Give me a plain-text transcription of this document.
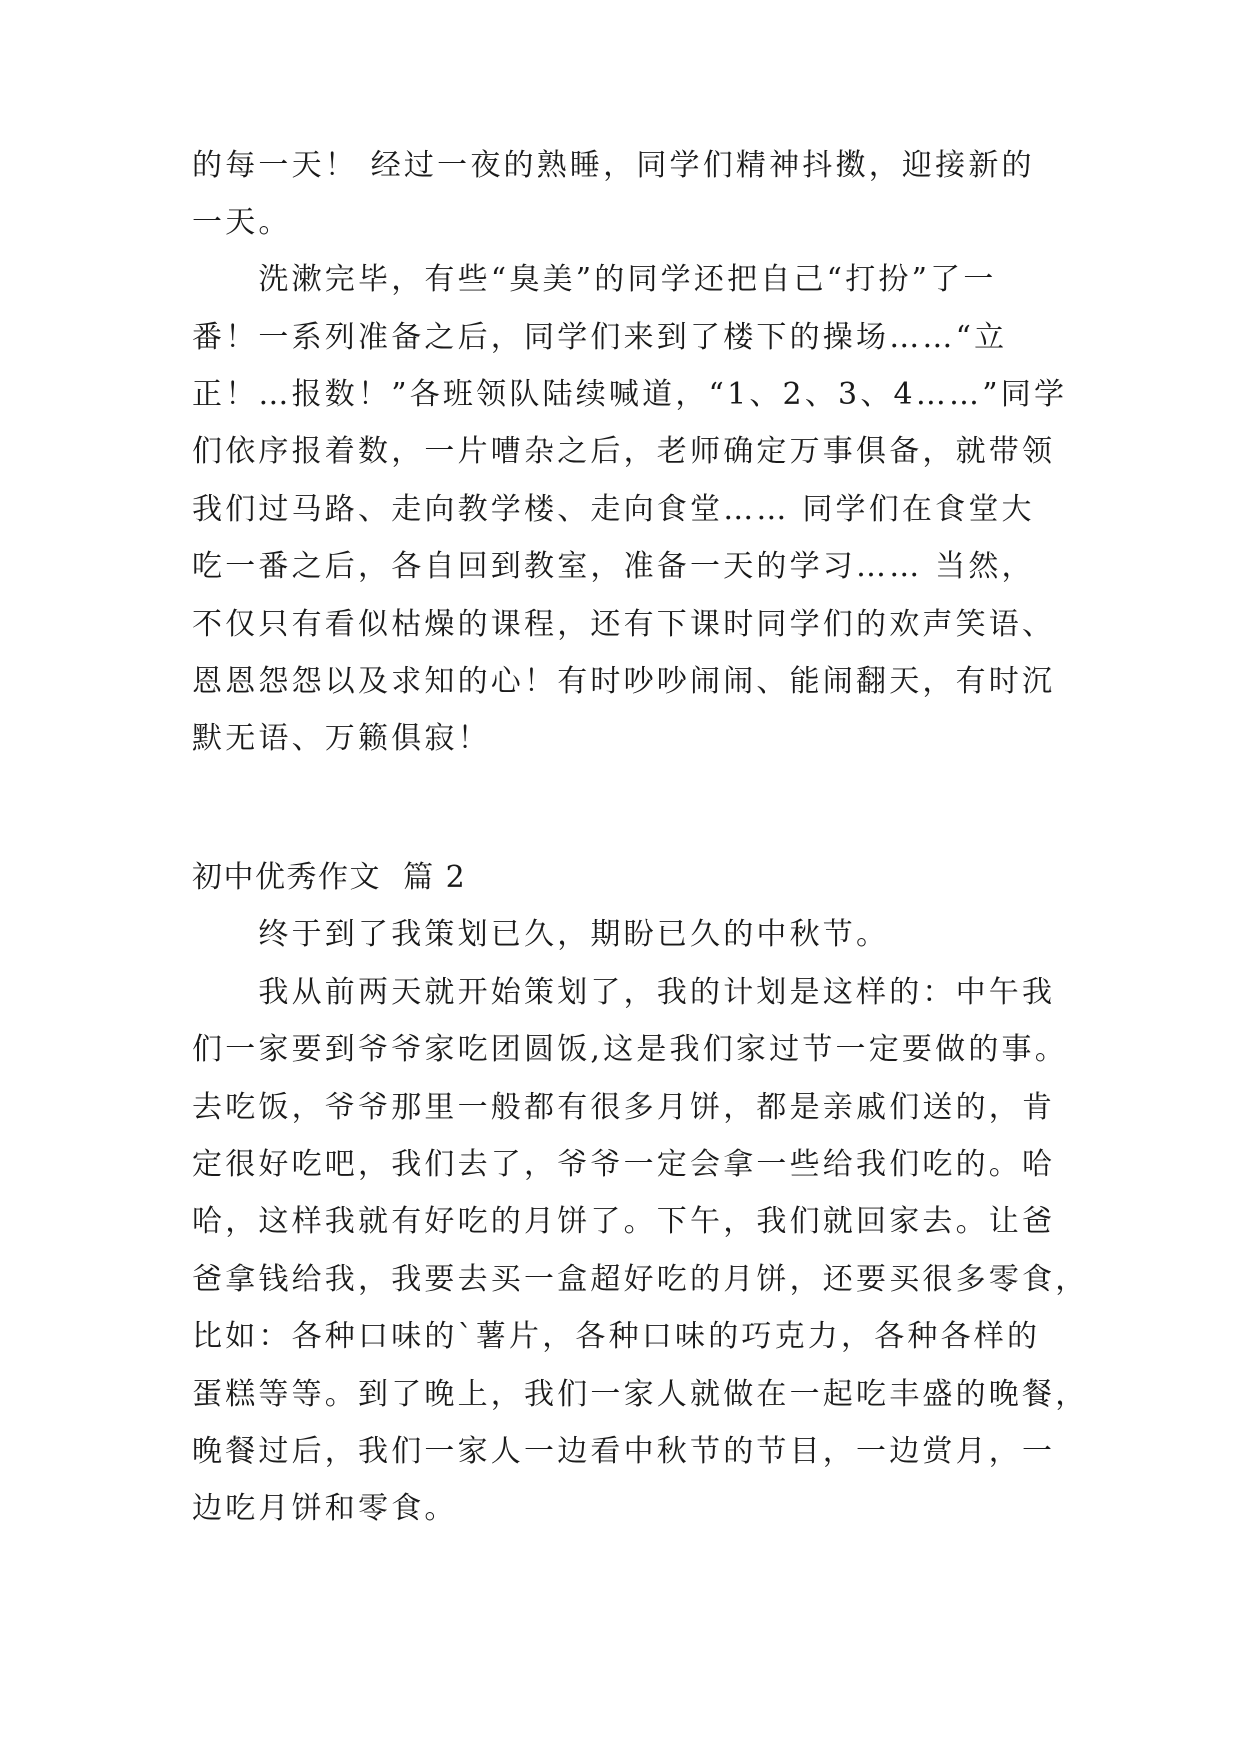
的每一天！ 经过一夜的熟睡，同学们精神抖擞，迎接新的
一天。
　　洗漱完毕，有些“臭美”的同学还把自己“打扮”了一
番！一系列准备之后，同学们来到了楼下的操场……“立
正！…报数！”各班领队陆续喊道，“1、2、3、4……”同学
们依序报着数，一片嘈杂之后，老师确定万事俱备，就带领
我们过马路、走向教学楼、走向食堂…… 同学们在食堂大
吃一番之后，各自回到教室，准备一天的学习…… 当然，
不仅只有看似枯燥的课程，还有下课时同学们的欢声笑语、
恩恩怨怨以及求知的心！有时吵吵闹闹、能闹翻天，有时沉
默无语、万籁俱寂！
初中优秀作文  篇 2
　　终于到了我策划已久，期盼已久的中秋节。
　　我从前两天就开始策划了，我的计划是这样的：中午我
们一家要到爷爷家吃团圆饭,这是我们家过节一定要做的事。
去吃饭，爷爷那里一般都有很多月饼，都是亲戚们送的，肯
定很好吃吧，我们去了，爷爷一定会拿一些给我们吃的。哈
哈，这样我就有好吃的月饼了。下午，我们就回家去。让爸
爸拿钱给我，我要去买一盒超好吃的月饼，还要买很多零食，
比如：各种口味的`薯片，各种口味的巧克力，各种各样的
蛋糕等等。到了晚上，我们一家人就做在一起吃丰盛的晚餐，
晚餐过后，我们一家人一边看中秋节的节目，一边赏月，一
边吃月饼和零食。
